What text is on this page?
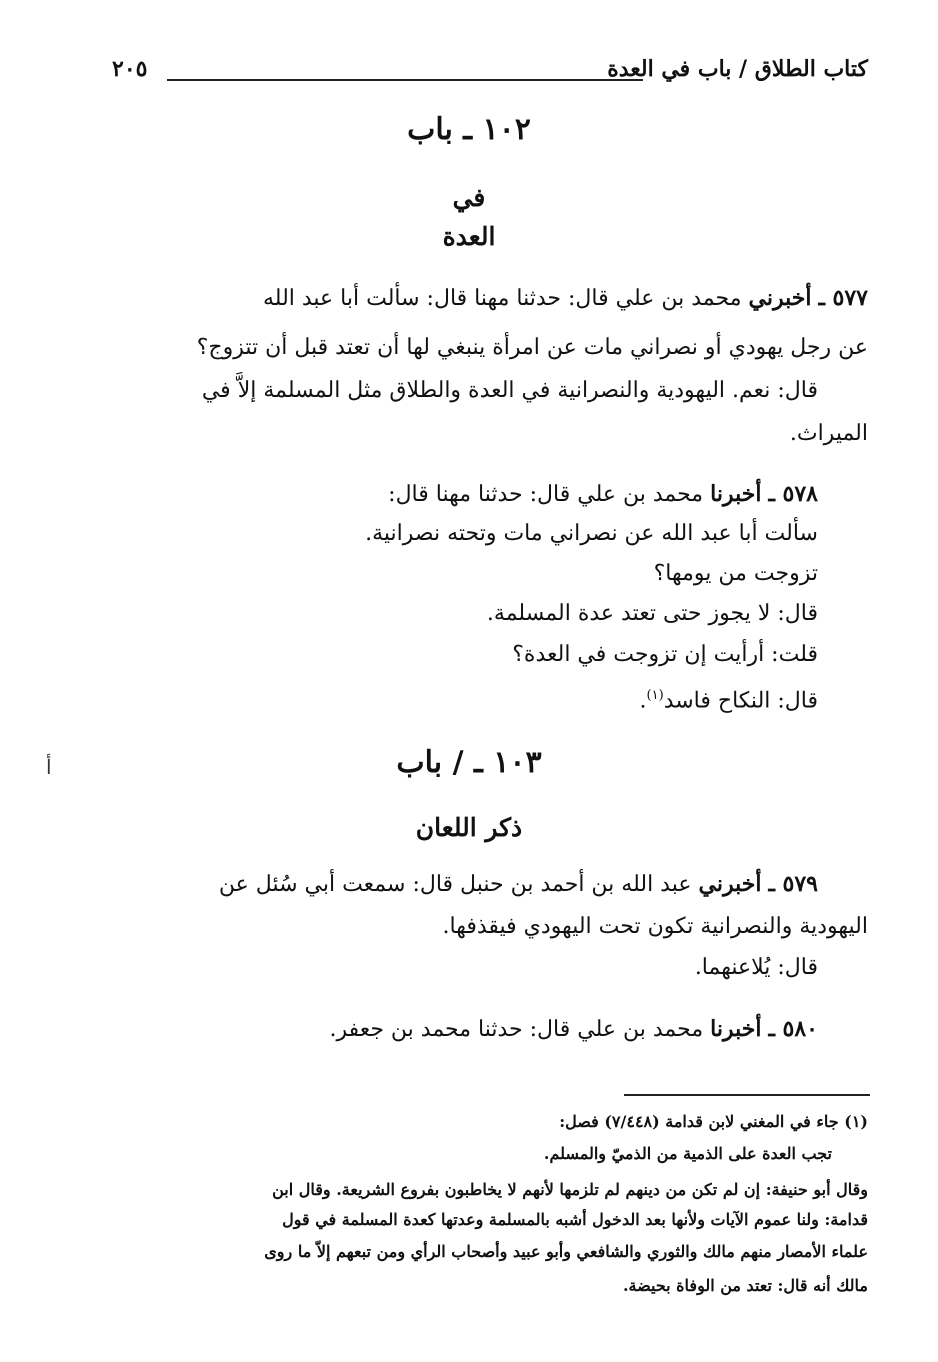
كتاب الطلاق / باب في العدة
٢٠٥
١٠٢ ـ باب
في
العدة
٥٧٧ ـ أخبرني محمد بن علي قال: حدثنا مهنا قال: سألت أبا عبد الله
عن رجل يهودي أو نصراني مات عن امرأة ينبغي لها أن تعتد قبل أن تتزوج؟
قال: نعم. اليهودية والنصرانية في العدة والطلاق مثل المسلمة إلاَّ في
الميراث.
٥٧٨ ـ أخبرنا محمد بن علي قال: حدثنا مهنا قال:
سألت أبا عبد الله عن نصراني مات وتحته نصرانية.
تزوجت من يومها؟
قال: لا يجوز حتى تعتد عدة المسلمة.
قلت: أرأيت إن تزوجت في العدة؟
قال: النكاح فاسد$^{(١)}$.
١٠٣ ـ / باب
أ
ذكر اللعان
٥٧٩ ـ أخبرني عبد الله بن أحمد بن حنبل قال: سمعت أبي سُئل عن
اليهودية والنصرانية تكون تحت اليهودي فيقذفها.
قال: يُلاعنهما.
٥٨٠ ـ أخبرنا محمد بن علي قال: حدثنا محمد بن جعفر.
(١) جاء في المغني لابن قدامة (٧/٤٤٨) فصل:
تجب العدة على الذمية من الذميّ والمسلم.
وقال أبو حنيفة: إن لم تكن من دينهم لم تلزمها لأنهم لا يخاطبون بفروع الشريعة. وقال ابن
قدامة: ولنا عموم الآيات ولأنها بعد الدخول أشبه بالمسلمة وعدتها كعدة المسلمة في قول
علماء الأمصار منهم مالك والثوري والشافعي وأبو عبيد وأصحاب الرأي ومن تبعهم إلاّ ما روى
مالك أنه قال: تعتد من الوفاة بحيضة.
